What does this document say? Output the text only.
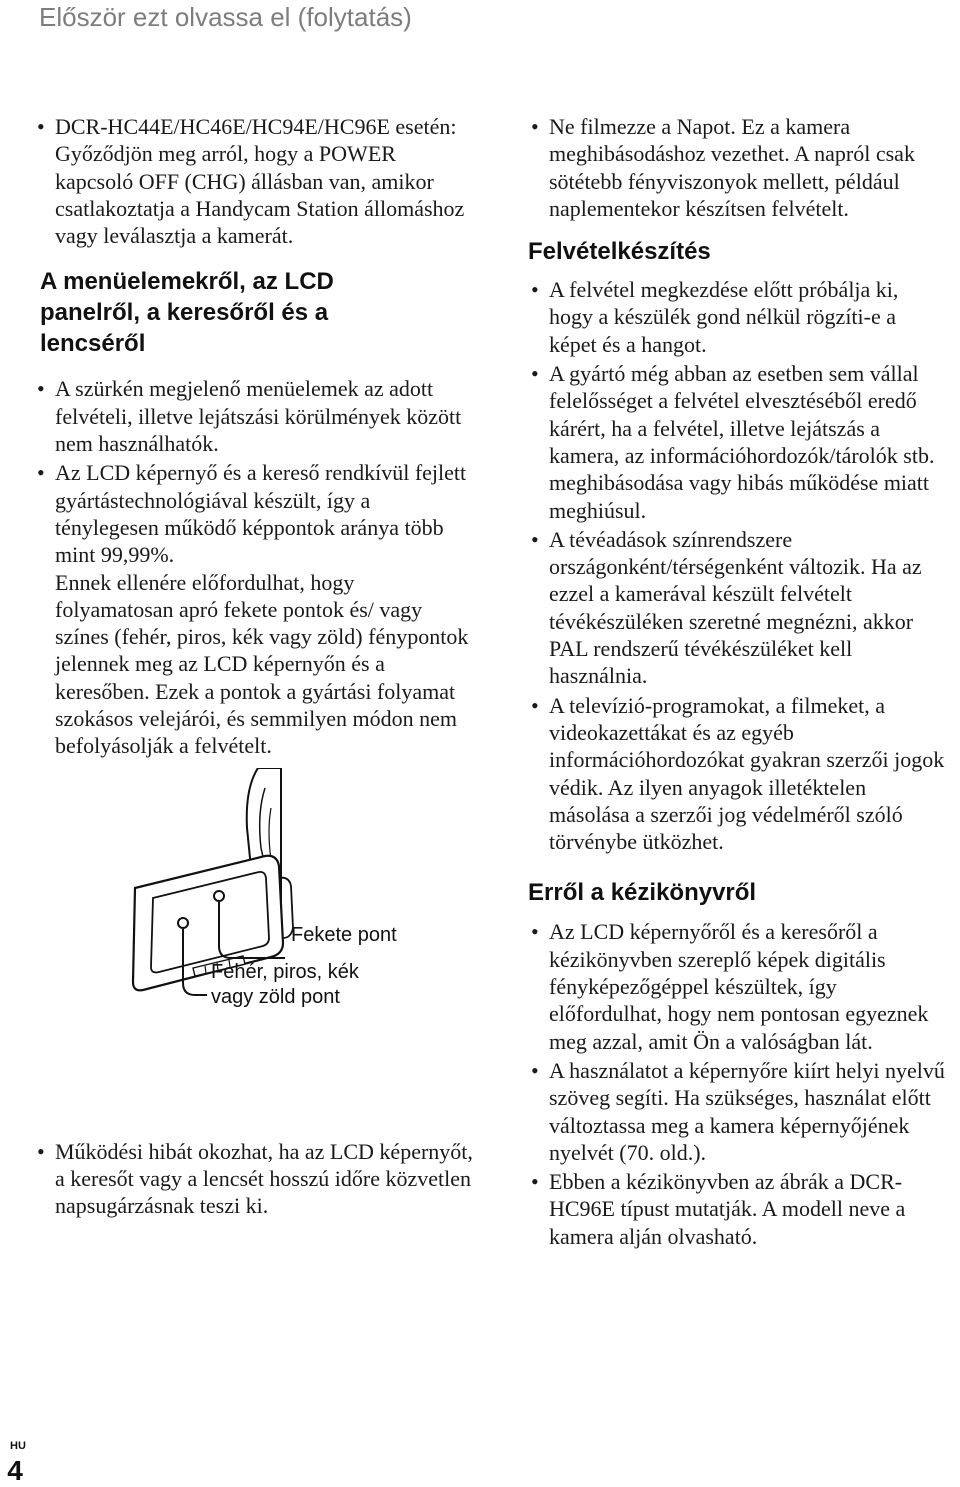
Először ezt olvassa el (folytatás)
• DCR-HC44E/HC46E/HC94E/HC96E esetén:
Győződjön meg arról, hogy a POWER kapcsoló OFF (CHG) állásban van, amikor csatlakoztatja a Handycam Station állomáshoz vagy leválasztja a kamerát.
A menüelemekről, az LCD
panelről, a keresőről és a
lencséről
• A szürkén megjelenő menüelemek az adott felvételi, illetve lejátszási körülmények között nem használhatók.
• Az LCD képernyő és a kereső rendkívül fejlett gyártástechnológiával készült, így a ténylegesen működő képpontok aránya több mint 99,99%.
Ennek ellenére előfordulhat, hogy folyamatosan apró fekete pontok és/ vagy színes (fehér, piros, kék vagy zöld) fénypontok jelennek meg az LCD képernyőn és a keresőben. Ezek a pontok a gyártási folyamat szokásos velejárói, és semmilyen módon nem befolyásolják a felvételt.
Fekete pont
Fehér, piros, kék
vagy zöld pont
• Működési hibát okozhat, ha az LCD képernyőt, a keresőt vagy a lencsét hosszú időre közvetlen napsugárzásnak teszi ki.
• Ne filmezze a Napot. Ez a kamera meghibásodáshoz vezethet. A napról csak sötétebb fényviszonyok mellett, például naplementekor készítsen felvételt.
Felvételkészítés
• A felvétel megkezdése előtt próbálja ki, hogy a készülék gond nélkül rögzíti-e a képet és a hangot.
• A gyártó még abban az esetben sem vállal felelősséget a felvétel elvesztéséből eredő kárért, ha a felvétel, illetve lejátszás a kamera, az információhordozók/tárolók stb. meghibásodása vagy hibás működése miatt meghiúsul.
• A tévéadások színrendszere országonként/térségenként változik. Ha az ezzel a kamerával készült felvételt tévékészüléken szeretné megnézni, akkor PAL rendszerű tévékészüléket kell használnia.
• A televízió-programokat, a filmeket, a videokazettákat és az egyéb információhordozókat gyakran szerzői jogok védik. Az ilyen anyagok illetéktelen másolása a szerzői jog védelméről szóló törvénybe ütközhet.
Erről a kézikönyvről
• Az LCD képernyőről és a keresőről a kézikönyvben szereplő képek digitális fényképezőgéppel készültek, így előfordulhat, hogy nem pontosan egyeznek meg azzal, amit Ön a valóságban lát.
• A használatot a képernyőre kiírt helyi nyelvű szöveg segíti. Ha szükséges, használat előtt változtassa meg a kamera képernyőjének nyelvét (70. old.).
• Ebben a kézikönyvben az ábrák a DCR-HC96E típust mutatják. A modell neve a kamera alján olvasható.
HU
4
